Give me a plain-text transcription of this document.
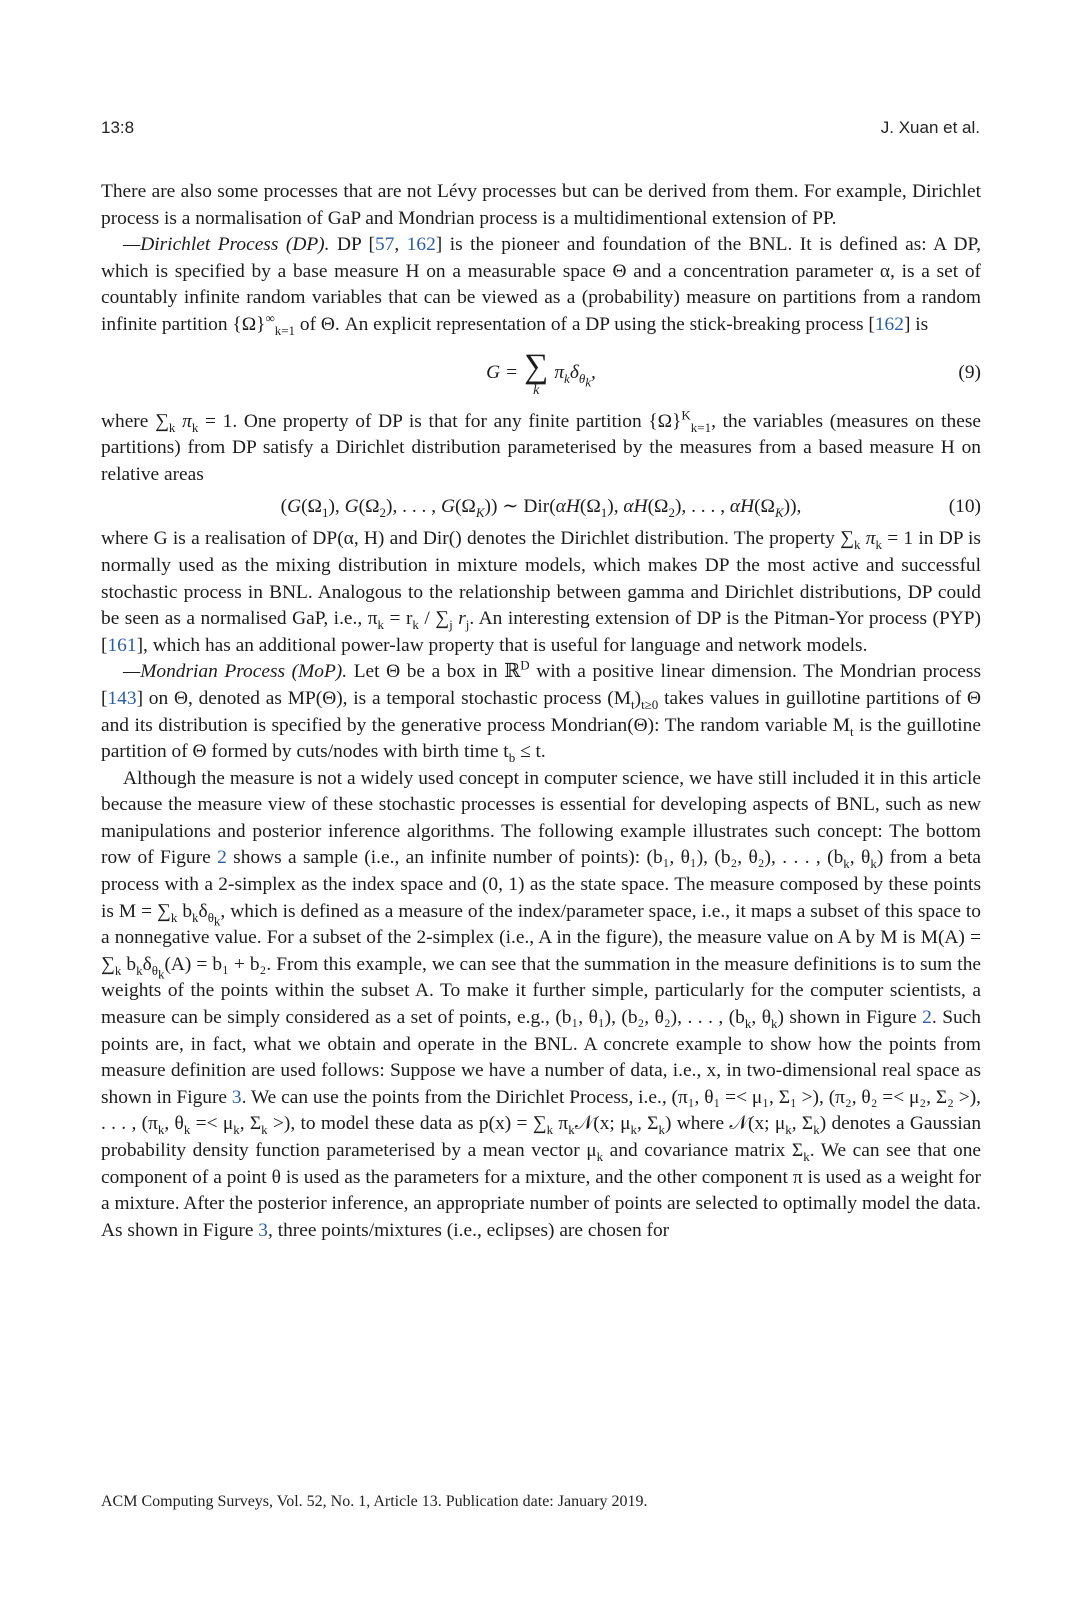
13:8	J. Xuan et al.

There are also some processes that are not Lévy processes but can be derived from them. For example, Dirichlet process is a normalisation of GaP and Mondrian process is a multidimentional extension of PP.

—Dirichlet Process (DP). DP [57, 162] is the pioneer and foundation of the BNL. It is defined as: A DP, which is specified by a base measure H on a measurable space Θ and a concentration parameter α, is a set of countably infinite random variables that can be viewed as a (probability) measure on partitions from a random infinite partition $\{\Omega\}^\infty_{k=1}$ of Θ. An explicit representation of a DP using the stick-breaking process [162] is

G = ∑
k
$\pi_k\delta_{\theta_k}$,	(9)

where $\sum_k$ $\pi_k = 1$. One property of DP is that for any finite partition $\{\Omega\}^K_{k=1}$, the variables (measures on these partitions) from DP satisfy a Dirichlet distribution parameterised by the measures from a based measure H on relative areas

($G(\Omega_1)$, $G(\Omega_2)$, . . . , $G(\Omega_K)$) ∼ $Dir(\alpha H(\Omega_1)$, $\alpha H(\Omega_2)$, . . . , $\alpha H(\Omega_K)$),	(10)

where G is a realisation of DP(α, H) and Dir() denotes the Dirichlet distribution. The property $\sum_k$ $\pi_k = 1$ in DP is normally used as the mixing distribution in mixture models, which makes DP the most active and successful stochastic process in BNL. Analogous to the relationship between gamma and Dirichlet distributions, DP could be seen as a normalised GaP, i.e., $\pi_k = r_k / \sum_j$ $r_j$. An interesting extension of DP is the Pitman-Yor process (PYP) [161], which has an additional power-law property that is useful for language and network models.

—Mondrian Process (MoP). Let Θ be a box in ℝ$^D$ with a positive linear dimension. The Mondrian process [143] on Θ, denoted as MP(Θ), is a temporal stochastic process $(M_t)_{t\ge 0}$ takes values in guillotine partitions of Θ and its distribution is specified by the generative process Mondrian(Θ): The random variable $M_t$ is the guillotine partition of Θ formed by cuts/nodes with birth time $t_b \le t$.

Although the measure is not a widely used concept in computer science, we have still included it in this article because the measure view of these stochastic processes is essential for developing aspects of BNL, such as new manipulations and posterior inference algorithms. The following example illustrates such concept: The bottom row of Figure 2 shows a sample (i.e., an infinite number of points): (b₁, θ₁), (b₂, θ₂), . . . , ($b_k$, $\theta_k$) from a beta process with a 2-simplex as the index space and (0, 1) as the state space. The measure composed by these points is $M = \sum_k$ $b_k\delta_{\theta_k}$, which is defined as a measure of the index/parameter space, i.e., it maps a subset of this space to a nonnegative value. For a subset of the 2-simplex (i.e., A in the figure), the measure value on A by M is $M(A) = \sum_k$ $b_k\delta_{\theta_k}(A) = b_1 + b_2$. From this example, we can see that the summation in the measure definitions is to sum the weights of the points within the subset A. To make it further simple, particularly for the computer scientists, a measure can be simply considered as a set of points, e.g., (b₁, θ₁), (b₂, θ₂), . . . , ($b_k$, $\theta_k$) shown in Figure 2. Such points are, in fact, what we obtain and operate in the BNL. A concrete example to show how the points from measure definition are used follows: Suppose we have a number of data, i.e., x, in two-dimensional real space as shown in Figure 3. We can use the points from the Dirichlet Process, i.e., (π₁, θ₁ =< μ₁, Σ₁ >), (π₂, θ₂ =< μ₂, Σ₂ >), . . . , ($\pi_k$, $\theta_k =< \mu_k$, $\Sigma_k$ >), to model these data as $p(x) = \sum_k$ $\pi_k𝒩(x$; $\mu_k$, $\Sigma_k$) where 𝒩(x; $\mu_k$, $\Sigma_k$) denotes a Gaussian probability density function parameterised by a mean vector $\mu_k$ and covariance matrix $\Sigma_k$. We can see that one component of a point θ is used as the parameters for a mixture, and the other component π is used as a weight for a mixture. After the posterior inference, an appropriate number of points are selected to optimally model the data. As shown in Figure 3, three points/mixtures (i.e., eclipses) are chosen for

ACM Computing Surveys, Vol. 52, No. 1, Article 13. Publication date: January 2019.
